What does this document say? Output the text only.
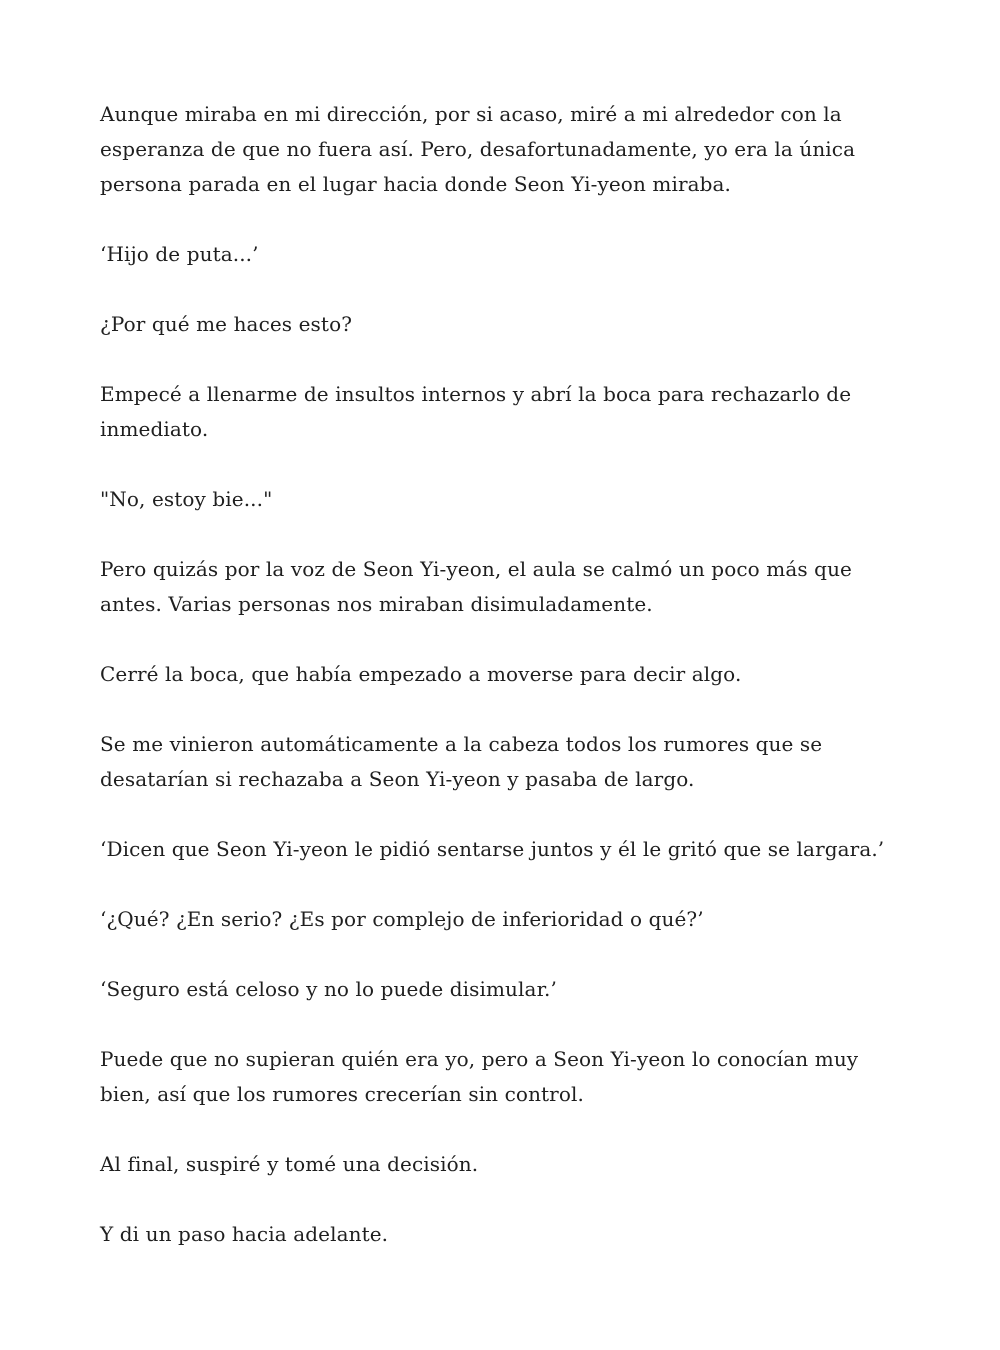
Aunque miraba en mi dirección, por si acaso, miré a mi alrededor con la esperanza de que no fuera así. Pero, desafortunadamente, yo era la única persona parada en el lugar hacia donde Seon Yi-yeon miraba.

‘Hijo de puta...’

¿Por qué me haces esto?

Empecé a llenarme de insultos internos y abrí la boca para rechazarlo de inmediato.

"No, estoy bie..."

Pero quizás por la voz de Seon Yi-yeon, el aula se calmó un poco más que antes. Varias personas nos miraban disimuladamente.

Cerré la boca, que había empezado a moverse para decir algo.

Se me vinieron automáticamente a la cabeza todos los rumores que se desatarían si rechazaba a Seon Yi-yeon y pasaba de largo.

‘Dicen que Seon Yi-yeon le pidió sentarse juntos y él le gritó que se largara.’

‘¿Qué? ¿En serio? ¿Es por complejo de inferioridad o qué?’

‘Seguro está celoso y no lo puede disimular.’

Puede que no supieran quién era yo, pero a Seon Yi-yeon lo conocían muy bien, así que los rumores crecerían sin control.

Al final, suspiré y tomé una decisión.

Y di un paso hacia adelante.
